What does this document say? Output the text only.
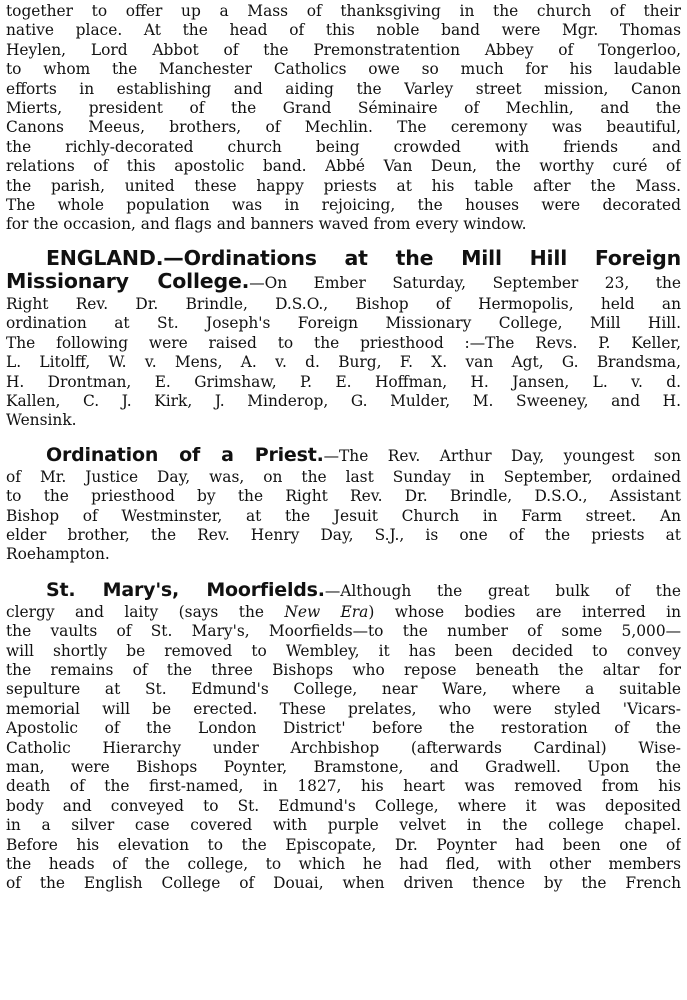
together to offer up a Mass of thanksgiving in the church of their
native place. At the head of this noble band were Mgr. Thomas
Heylen, Lord Abbot of the Premonstratention Abbey of Tongerloo,
to whom the Manchester Catholics owe so much for his laudable
efforts in establishing and aiding the Varley street mission, Canon
Mierts, president of the Grand Séminaire of Mechlin, and the
Canons Meeus, brothers, of Mechlin. The ceremony was beautiful,
the richly-decorated church being crowded with friends and
relations of this apostolic band. Abbé Van Deun, the worthy curé of
the parish, united these happy priests at his table after the Mass.
The whole population was in rejoicing, the houses were decorated
for the occasion, and flags and banners waved from every window.
ENGLAND.—Ordinations at the Mill Hill Foreign
Missionary College.—On Ember Saturday, September 23, the
Right Rev. Dr. Brindle, D.S.O., Bishop of Hermopolis, held an
ordination at St. Joseph's Foreign Missionary College, Mill Hill.
The following were raised to the priesthood :—The Revs. P. Keller,
L. Litolff, W. v. Mens, A. v. d. Burg, F. X. van Agt, G. Brandsma,
H. Drontman, E. Grimshaw, P. E. Hoffman, H. Jansen, L. v. d.
Kallen, C. J. Kirk, J. Minderop, G. Mulder, M. Sweeney, and H.
Wensink.
Ordination of a Priest.—The Rev. Arthur Day, youngest son
of Mr. Justice Day, was, on the last Sunday in September, ordained
to the priesthood by the Right Rev. Dr. Brindle, D.S.O., Assistant
Bishop of Westminster, at the Jesuit Church in Farm street. An
elder brother, the Rev. Henry Day, S.J., is one of the priests at
Roehampton.
St. Mary's, Moorfields.—Although the great bulk of the
clergy and laity (says the New Era) whose bodies are interred in
the vaults of St. Mary's, Moorfields—to the number of some 5,000—
will shortly be removed to Wembley, it has been decided to convey
the remains of the three Bishops who repose beneath the altar for
sepulture at St. Edmund's College, near Ware, where a suitable
memorial will be erected. These prelates, who were styled 'Vicars-
Apostolic of the London District' before the restoration of the
Catholic Hierarchy under Archbishop (afterwards Cardinal) Wise-
man, were Bishops Poynter, Bramstone, and Gradwell. Upon the
death of the first-named, in 1827, his heart was removed from his
body and conveyed to St. Edmund's College, where it was deposited
in a silver case covered with purple velvet in the college chapel.
Before his elevation to the Episcopate, Dr. Poynter had been one of
the heads of the college, to which he had fled, with other members
of the English College of Douai, when driven thence by the French
